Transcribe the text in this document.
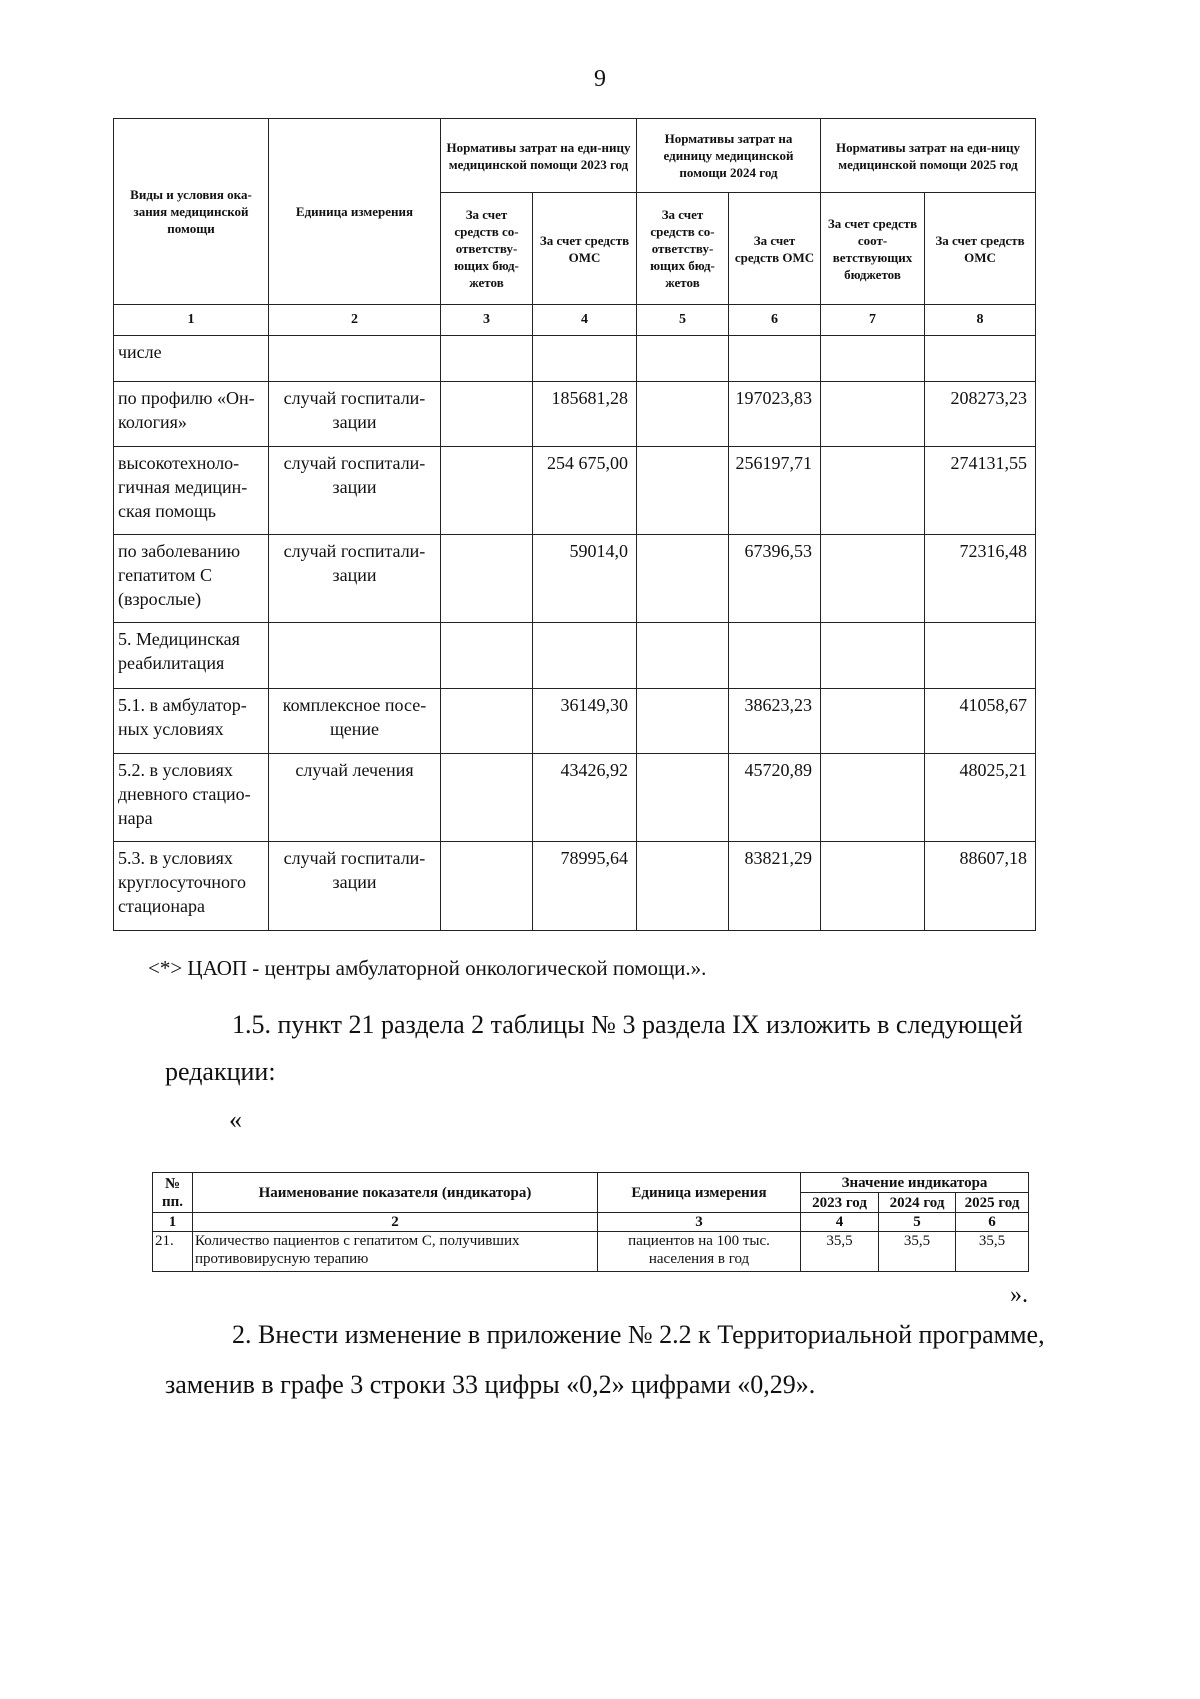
9
Виды и условия ока-зания медицинской помощи	Единица измерения	Нормативы затрат на еди-ницу медицинской помощи 2023 год		Нормативы затрат на единицу медицинской помощи 2024 год		Нормативы затрат на еди-ницу медицинской помощи 2025 год	
		За счет средств со-ответству-ющих бюд-жетов	За счет средств ОМС	За счет средств со-ответству-ющих бюд-жетов	За счет средств ОМС	За счет средств соот-ветствующих бюджетов	За счет средств ОМС
1	2	3	4	5	6	7	8
числе							
по профилю «Он-кология»	случай госпитали-зации		185681,28		197023,83		208273,23
высокотехноло-гичная медицин-ская помощь	случай госпитали-зации		254 675,00		256197,71		274131,55
по заболеванию гепатитом С (взрослые)	случай госпитали-зации		59014,0		67396,53		72316,48
5. Медицинская реабилитация							
5.1. в амбулатор-ных условиях	комплексное посе-щение		36149,30		38623,23		41058,67
5.2. в условиях дневного стацио-нара	случай лечения		43426,92		45720,89		48025,21
5.3. в условиях круглосуточного стационара	случай госпитали-зации		78995,64		83821,29		88607,18
<*> ЦАОП - центры амбулаторной онкологической помощи.».
1.5. пункт 21 раздела 2 таблицы № 3 раздела IX изложить в следующей
редакции:
«
№ пп.	Наименование показателя (индикатора)	Единица измерения	Значение индикатора		
			2023 год	2024 год	2025 год
1	2	3	4	5	6
21.	Количество пациентов с гепатитом С, получивших противовирусную терапию	пациентов на 100 тыс. населения в год	35,5	35,5	35,5
».
2. Внести изменение в приложение № 2.2 к Территориальной программе,
заменив в графе 3 строки 33 цифры «0,2» цифрами «0,29».
